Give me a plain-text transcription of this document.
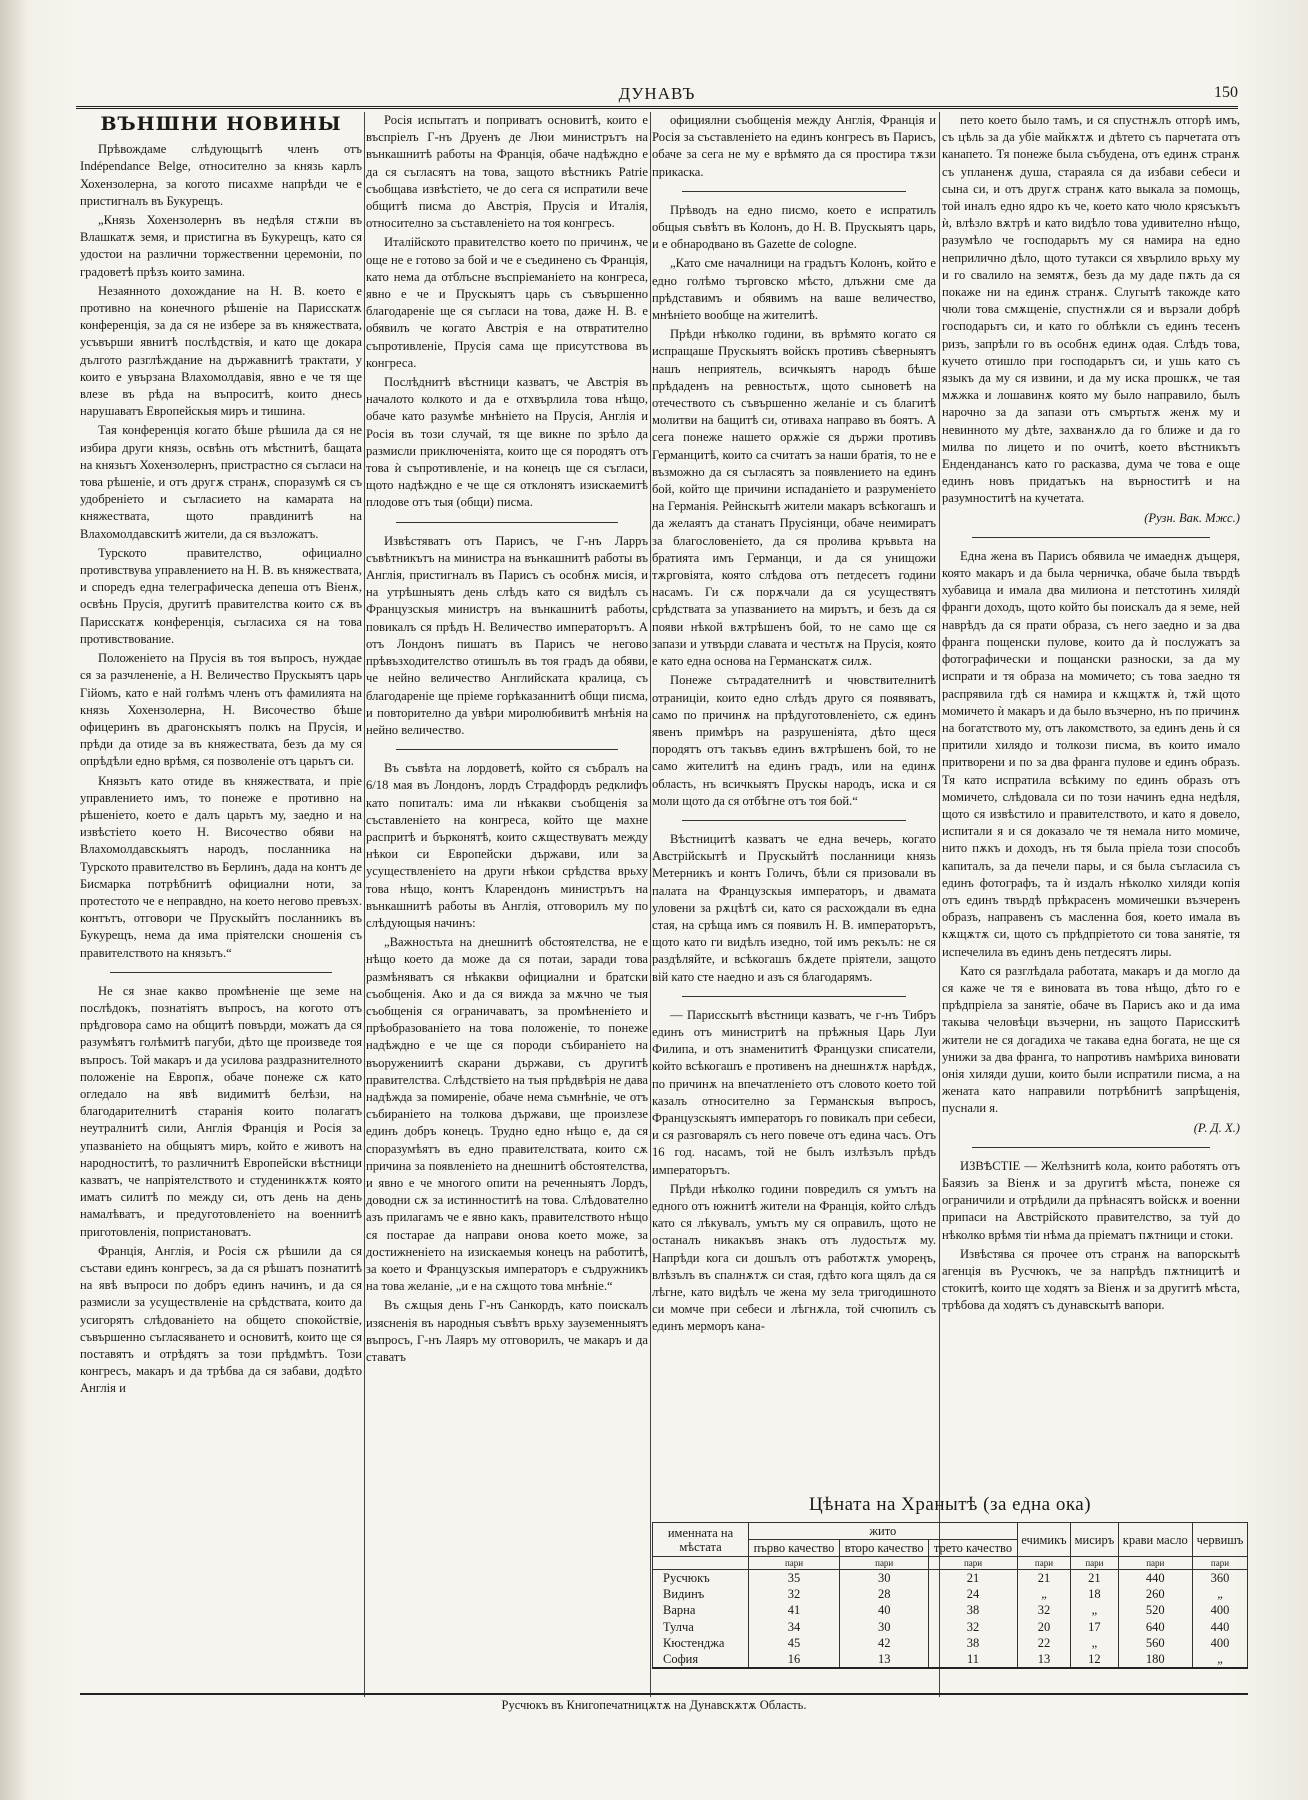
ДУНАВЪ	150
ВЪНШНИ НОВИНЫ

Прѣвождаме слѣдующытѣ членъ отъ Indépendance Belge, относително за князь карлъ Хохензолерна, за когото писахме напрѣди че е пристигналъ въ Букурещъ.

„Князь Хохензолернъ въ недѣля стѫпи въ Влашкатѫ земя, и пристигна въ Букурещъ, като ся удостои на различни торжественни церемоніи, по градоветѣ прѣзъ които замина.

Незаянното дохождание на Н. В. което е противно на конечного рѣшеніе на Парисскатѫ конференція, за да ся не избере за въ княжествата, усъвърши явнитѣ послѣдствія, и като ще докара дългото разглѣждание на държавнитѣ трактати, у които е увързана Влахомолдавія, явно е че тя ще влезе въ рѣда на въпроситѣ, които днесь нарушаватъ Европейскыя миръ и тишина.

Тая конференція когато бѣше рѣшила да ся не избира други князь, освѣнь отъ мѣстнитѣ, бащата на князьтъ Хохензолернъ, пристрастно ся съгласи на това рѣшеніе, и отъ другѫ странѫ, споразумѣ ся съ удобреніето и съгласието на камарата на княжествата, щото правдинитѣ на Влахомолдавскитѣ жители, да ся възложатъ.

Турското правителство, официално противствува управлението на Н. В. въ княжествата, и споредъ една телеграфическа депеша отъ Віенѫ, освѣнь Прусія, другитѣ правителства които сѫ въ Парисскатѫ конференція, съгласиха ся на това противствование.

Положеніето на Прусія въ тоя въпросъ, нуждае ся за разчлененіе, а Н. Величество Прускыятъ царь Гійомъ, като е най голѣмъ членъ отъ фамилията на князь Хохензолерна, Н. Височество бѣше офицеринъ въ драгонскыятъ полкъ на Прусія, и прѣди да отиде за въ княжествата, безъ да му ся опрѣдѣли едно врѣмя, ся позволеніе отъ царьтъ си.

Князьтъ като отиде въ княжествата, и пріе управлението имъ, то понеже е противно на рѣшеніето, което е далъ царьтъ му, заедно и на извѣстіето което Н. Височество обяви на Влахомолдавскыятъ народъ, посланника на Турското правителство въ Берлинъ, дада на контъ де Бисмарка потрѣбнитѣ официални ноти, за протестото че е неправдно, на което негово превъзх. контътъ, отговори че Прускыйтъ посланникъ въ Букурещъ, нема да има пріятелски сношенія съ правителството на князьтъ.“

Не ся знае какво промѣненіе ще земе на послѣдокъ, познатіятъ въпросъ, на когото отъ прѣдговора само на общитѣ повърди, можатъ да ся разумѣятъ голѣмитѣ пагуби, дѣто ще произведе тоя въпросъ. Той макаръ и да усилова раздразнителното положеніе на Европѫ, обаче понеже сѫ като огледало на явѣ видимитѣ белѣзи, на благодарителнитѣ старанія които полагатъ неутралнитѣ сили, Англія Франція и Росія за упазваніето на общыятъ миръ, който е животъ на народноститѣ, то различнитѣ Европейски вѣстници казватъ, че напріятелството и студенинкѫтѫ която иматъ силитѣ по между си, отъ день на день намалѣватъ, и предуготовленіето на военнитѣ приготовленія, попристановатъ.

Франція, Англія, и Росія сѫ рѣшили да ся състави единъ конгресъ, за да ся рѣшатъ познатитѣ на явѣ въпроси по добръ единъ начинъ, и да ся размисли за усуществленіе на срѣдствата, които да усигорятъ слѣдованіето на общето спокойствіе, съвършенно съгласяването и основитѣ, които ще ся поставятъ и отрѣдятъ за този прѣдмѣтъ. Този конгресъ, макаръ и да трѣбва да ся забави, додѣто Англія и

Росія испытатъ и поприватъ основитѣ, които е въспріелъ Г-нъ Друенъ де Люи министрътъ на вънкашнитѣ работы на Франція, обаче надѣждно е да ся съгласятъ на това, защото вѣстникъ Patrie съобщава извѣстіето, че до сега ся испратили вече общитѣ писма до Австрія, Прусія и Италія, относително за съставленіето на тоя конгресъ.

Италійското правителство което по причинѫ, че още не е готово за бой и че е съединено съ Франція, като нема да отблъсне въспріеманіето на конгреса, явно е че и Прускыятъ царь съ съвършенно благодареніе ще ся съгласи на това, даже Н. В. е обявилъ че когато Австрія е на отвратително съпротивленіе, Прусія сама ще присутствова въ конгреса.

Послѣднитѣ вѣстници казватъ, че Австрія въ началото колкото и да е отхвърлила това нѣщо, обаче като разумѣе мнѣніето на Прусія, Англія и Росія въ този случай, тя ще викне по зрѣло да размисли приключеніята, които ще ся породятъ отъ това ѝ съпротивленіе, и на конецъ ще ся съгласи, щото надѣждно е че ще ся отклонятъ изискаемитѣ плодове отъ тыя (общи) писма.

Извѣстяватъ отъ Парисъ, че Г-нъ Ларръ съвѣтникътъ на министра на вънкашнитѣ работы въ Англія, пристигналъ въ Парисъ съ особнѫ мисія, и на утрѣшныятъ день слѣдъ като ся видѣлъ съ Французскыя министръ на вънкашнитѣ работы, повикалъ ся прѣдъ Н. Величество императорътъ. А отъ Лондонъ пишатъ въ Парисъ че негово прѣвъзходителство отишълъ въ тоя градъ да обяви, че нейно величество Английската кралица, съ благодареніе ще пріеме горѣказаннитѣ общи писма, и повторително да увѣри миролюбивитѣ мнѣнія на нейно величество.

Въ съвѣта на лордоветѣ, който ся събралъ на 6/18 мая въ Лондонъ, лордъ Страдфордъ редклифъ като попиталъ: има ли нѣкакви съобщенія за съставленіето на конгреса, който ще махне распритѣ и бърконятѣ, които сѫществуватъ между нѣкои си Европейски държави, или за усуществленіето на други нѣкои срѣдства врьху това нѣщо, контъ Кларендонъ министрътъ на вънкашнитѣ работы въ Англія, отговорилъ му по слѣдующыя начинъ:

„Важностьта на днешнитѣ обстоятелства, не е нѣщо което да може да ся потаи, заради това размѣняватъ ся нѣкакви официални и братски съобщенія. Ако и да ся вижда за мѫчно че тыя съобщенія ся ограничаватъ, за промѣненіето и прѣобразованіето на това положеніе, то понеже надѣждно е че ще ся породи събираніето на въоружениитѣ скарани държави, съ другитѣ правителства. Слѣдствіето на тыя прѣдвѣрія не дава надѣжда за помиреніе, обаче нема съмнѣніе, че отъ събираніето на толкова държави, ще произлезе единъ добръ конецъ. Трудно едно нѣщо е, да ся споразумѣятъ въ едно правителствата, които сѫ причина за появленіето на днешнитѣ обстоятелства, и явно е че многого опити на реченныятъ Лордъ, доводни сѫ за истинноститѣ на това. Слѣдователно азъ прилагамъ че е явно какъ, правителството нѣщо ся постарае да направи онова което може, за достижненіето на изискаемыя конецъ на работитѣ, за което и Французскыя императоръ е съдружникъ на това желаніе, „и е на сѫщото това мнѣніе.“

Въ сѫщыя день Г-нъ Санкордъ, като поискалъ изясненія въ народныя съвѣтъ врьху зауземенныятъ въпросъ, Г-нъ Лаяръ му отговорилъ, че макаръ и да ставатъ

официялни съобщенія между Англія, Франція и Росія за съставленіето на единъ конгресъ въ Парисъ, обаче за сега не му е врѣмято да ся простира тѫзи прикаска.

Прѣводъ на едно писмо, което е испратилъ общыя съвѣтъ въ Колонъ, до Н. В. Прускыятъ царь, и е обнародвано въ Gazette de cologne.

„Като сме началници на градътъ Колонъ, който е едно голѣмо търговско мѣсто, длъжни сме да прѣдставимъ и обявимъ на ваше величество, мнѣніето вообще на жителитѣ.

Прѣди нѣколко години, въ врѣмято когато ся испращаше Прускыятъ войскъ противъ сѣверныятъ нашъ неприятель, всичкыятъ народъ бѣше прѣдаденъ на ревностьтѫ, щото сыноветѣ на отечеството съ съвършенно желаніе и съ благитѣ молитви на бащитѣ си, отиваха направо въ боятъ. А сега понеже нашето орѫжіе ся държи противъ Германцитѣ, които са считатъ за наши братія, то не е възможно да ся съгласятъ за появлението на единъ бой, който ще причини испаданіето и разруменіето на Германія. Рейнскытѣ жители макаръ всѣкогашъ и да желаятъ да станатъ Прусіянци, обаче неимиратъ за благословеніето, да ся пролива кръвьта на братията имъ Германци, и да ся унищожи тѫрговіята, която слѣдова отъ петдесетъ години насамъ. Ги сѫ порѫчали да ся усуществятъ срѣдствата за упазванието на мирътъ, и безъ да ся появи нѣкой вѫтрѣшенъ бой, то не само ще ся запази и утвърди славата и честьтѫ на Прусія, която е като една основа на Германскатѫ силѫ.

Понеже сътрадателнитѣ и чювствителнитѣ отраниціи, които едно слѣдъ друго ся появяватъ, само по причинѫ на прѣдуготовленіето, сѫ единъ явенъ примѣръ на разрушеніята, дѣто щеся породятъ отъ такъвъ единъ вѫтрѣшенъ бой, то не само жителитѣ на единъ градъ, или на единѫ область, нъ всичкыятъ Прускы народъ, иска и ся моли щото да ся отбѣгне отъ тоя бой.“

Вѣстницитѣ казватъ че една вечерь, когато Австрійскытѣ и Прускыйтѣ посланници князь Метерникъ и контъ Голичъ, бѣли ся призовали въ палата на Французскыя императоръ, и двамата уловени за рѫцѣтѣ си, като ся расхождали въ една стая, на срѣща имъ ся появилъ Н. В. императорътъ, щото като ги видѣлъ изедно, той имъ рекълъ: не ся раздѣляйте, и всѣкогашъ бѫдете пріятели, защото вій като сте наедно и азъ ся благодарямъ.

— Парисскытѣ вѣстници казватъ, че г-нъ Тибръ единъ отъ министритѣ на прѣжныя Царь Луи Филипа, и отъ знаменититѣ Французки списатели, който всѣкогашъ е противенъ на днешнѫтѫ нарѣдѫ, по причинѫ на впечатленіето отъ словото което той казалъ относително за Германскыя въпросъ, Французскыятъ императоръ го повикалъ при себеси, и ся разговарялъ съ него повече отъ едина часъ. Отъ 16 год. насамъ, той не былъ излѣзълъ прѣдъ императорътъ.

Прѣди нѣколко години повредилъ ся умътъ на едного отъ южнитѣ жители на Франція, който слѣдъ като ся лѣкувалъ, умътъ му ся оправилъ, щото не останалъ никакъвъ знакъ отъ лудостьтѫ му. Напрѣди кога си дошълъ отъ работѫтѫ умореңъ, влѣзълъ въ спалнѫтѫ си стая, гдѣто кога щялъ да ся лѣгне, като видѣлъ че жена му зела тригодишното си момче при себеси и лѣгнѫла, той счюпилъ съ единъ мерморъ кана-

пето което было тамъ, и ся спустнѫлъ отгорѣ имъ, съ цѣль за да убіе майкѫтѫ и дѣтето съ парчетата отъ канапето. Тя понеже была събудена, отъ единѫ странѫ съ упланенѫ душа, стараяла ся да избави себеси и сына си, и отъ другѫ странѫ като выкала за помощь, той иналъ едно ядро къ че, което като чюло крясъкътъ ѝ, влѣзло вѫтрѣ и като видѣло това удивително нѣщо, разумѣло че господарьтъ му ся намира на едно неприлично дѣло, щото тутакси ся хвърлило врьху му и го свалило на земятѫ, безъ да му даде пѫть да ся покаже ни на единѫ странѫ. Слугытѣ такожде като чюли това смѫщеніе, спустнѫли ся и вързали добрѣ господарьтъ си, и като го облѣкли съ единъ тесенъ ризъ, запрѣли го въ особнѫ единѫ одая. Слѣдъ това, кучето отишло при господарьтъ си, и ушь като съ языкъ да му ся извини, и да му иска прошкѫ, че тая мѫжка и лошавинѫ която му было направило, былъ нарочно за да запази отъ смъртьтѫ женѫ му и невинното му дѣте, захванѫло да го ближе и да го милва по лицето и по очитѣ, което вѣстникътъ Енденданансъ като го расказва, дума че това е още единъ новъ придатъкъ на върноститѣ и на разумноститѣ на кучетата.

(Рузн. Вак. Мжс.)

Една жена въ Парисъ обявила че имаеднѫ дъщеря, която макаръ и да была черничка, обаче была твърдѣ хубавица и имала два милиона и петстотинъ хилядѝ франги доходъ, щото който бы поискалъ да я земе, ней наврѣдъ да ся прати образа, съ него заедно и за два франга пощенски пулове, които да ѝ послужатъ за фотографически и пощански разноски, за да му испрати и тя образа на момичето; съ това заедно тя распрявила гдѣ ся намира и кѫщѫтѫ ѝ, тѫй щото момичето ѝ макаръ и да было възчерно, нъ по причинѫ на богатството му, отъ лакомството, за единъ день ѝ ся притили хилядо и толкози писма, въ които имало притворени и по за два франга пулове и единъ образъ. Тя като испратила всѣкиму по единъ образъ отъ момичето, слѣдовала си по този начинъ една недѣля, щото ся извѣстило и правителството, и като я довело, испитали я и ся доказало че тя немала нито момиче, нито пѫкъ и доходъ, нъ тя была пріела този способъ капиталъ, за да печели пары, и ся была съгласила съ единъ фотографъ, та ѝ издалъ нѣколко хиляди копія отъ единъ твърдѣ прѣкрасенъ момичешки възчеренъ образъ, направенъ съ масленна боя, което имала въ кѫщѫтѫ си, щото съ прѣдпріетото си това занятіе, тя испечелила въ единъ день петдесятъ лиры.

Като ся разглѣдала работата, макаръ и да могло да ся каже че тя е виновата въ това нѣщо, дѣто го е прѣдпріела за занятіе, обаче въ Парисъ ако и да има такыва человѣци възчерни, нъ защото Парисскитѣ жители не ся догадиха че такава една богата, не ще ся унижи за два франга, то напротивъ намѣриха виновати онія хиляди души, които были испратили писма, а на жената като направили потрѣбнитѣ запрѣщенія, пуснали я.

(Р. Д. Х.)

ИЗВѢСТІЕ — Желѣзнитѣ кола, които работятъ отъ Баязиъ за Віенѫ и за другитѣ мѣста, понеже ся ограничили и отрѣдили да прѣнасятъ войскѫ и военни припаси на Австрійското правителство, за туй до нѣколко врѣмя тіи нѣма да пріематъ пѫтници и стоки.

Извѣстява ся прочее отъ странѫ на вапорскытѣ агенція въ Русчюкъ, че за напрѣдъ пѫтницитѣ и стокитѣ, които ще ходятъ за Віенѫ и за другитѣ мѣста, трѣбова да ходятъ съ дунавскытѣ вапори.

Цѣната на Хранытѣ (за една ока)
именната на мѣстата	жито			ечимикъ	мисиръ	крави масло	червишъ
	първо качество	второ качество	трето качество				
	пари	пари	пари	пари	пари	пари	пари
Русчюкъ	35	30	21	21	21	440	360
Видинъ	32	28	24	„	18	260	„
Варна	41	40	38	32	„	520	400
Тулча	34	30	32	20	17	640	440
Кюстенджа	45	42	38	22	„	560	400
София	16	13	11	13	12	180	„
Русчюкъ въ Книгопечатницѫтѫ на Дунавскѫтѫ Область.
